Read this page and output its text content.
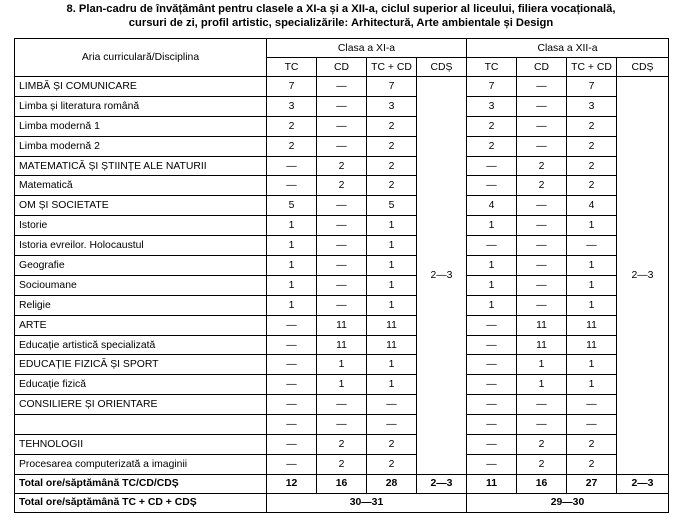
8. Plan-cadru de învățământ pentru clasele a XI-a și a XII-a, ciclul superior al liceului, filiera vocațională,
cursuri de zi, profil artistic, specializările: Arhitectură, Arte ambientale și Design
Aria curriculară/Disciplina	Clasa a XI-a				Clasa a XII-a			
	TC	CD	TC + CD	CDȘ	TC	CD	TC + CD	CDȘ
LIMBĂ ȘI COMUNICARE	7	—	7	2—3	7	—	7	2—3
Limba și literatura română	3	—	3		3	—	3	
Limba modernă 1	2	—	2		2	—	2	
Limba modernă 2	2	—	2		2	—	2	
MATEMATICĂ ȘI ȘTIINȚE ALE NATURII	—	2	2		—	2	2	
Matematică	—	2	2		—	2	2	
OM ȘI SOCIETATE	5	—	5		4	—	4	
Istorie	1	—	1		1	—	1	
Istoria evreilor. Holocaustul	1	—	1		—	—	—	
Geografie	1	—	1		1	—	1	
Socioumane	1	—	1		1	—	1	
Religie	1	—	1		1	—	1	
ARTE	—	11	11		—	11	11	
Educație artistică specializată	—	11	11		—	11	11	
EDUCAȚIE FIZICĂ ȘI SPORT	—	1	1		—	1	1	
Educație fizică	—	1	1		—	1	1	
CONSILIERE ȘI ORIENTARE	—	—	—		—	—	—	
	—	—	—		—	—	—	
TEHNOLOGII	—	2	2		—	2	2	
Procesarea computerizată a imaginii	—	2	2		—	2	2	
Total ore/săptămână TC/CD/CDȘ	12	16	28	2—3	11	16	27	2—3
Total ore/săptămână TC + CD + CDȘ	30—31				29—30			
